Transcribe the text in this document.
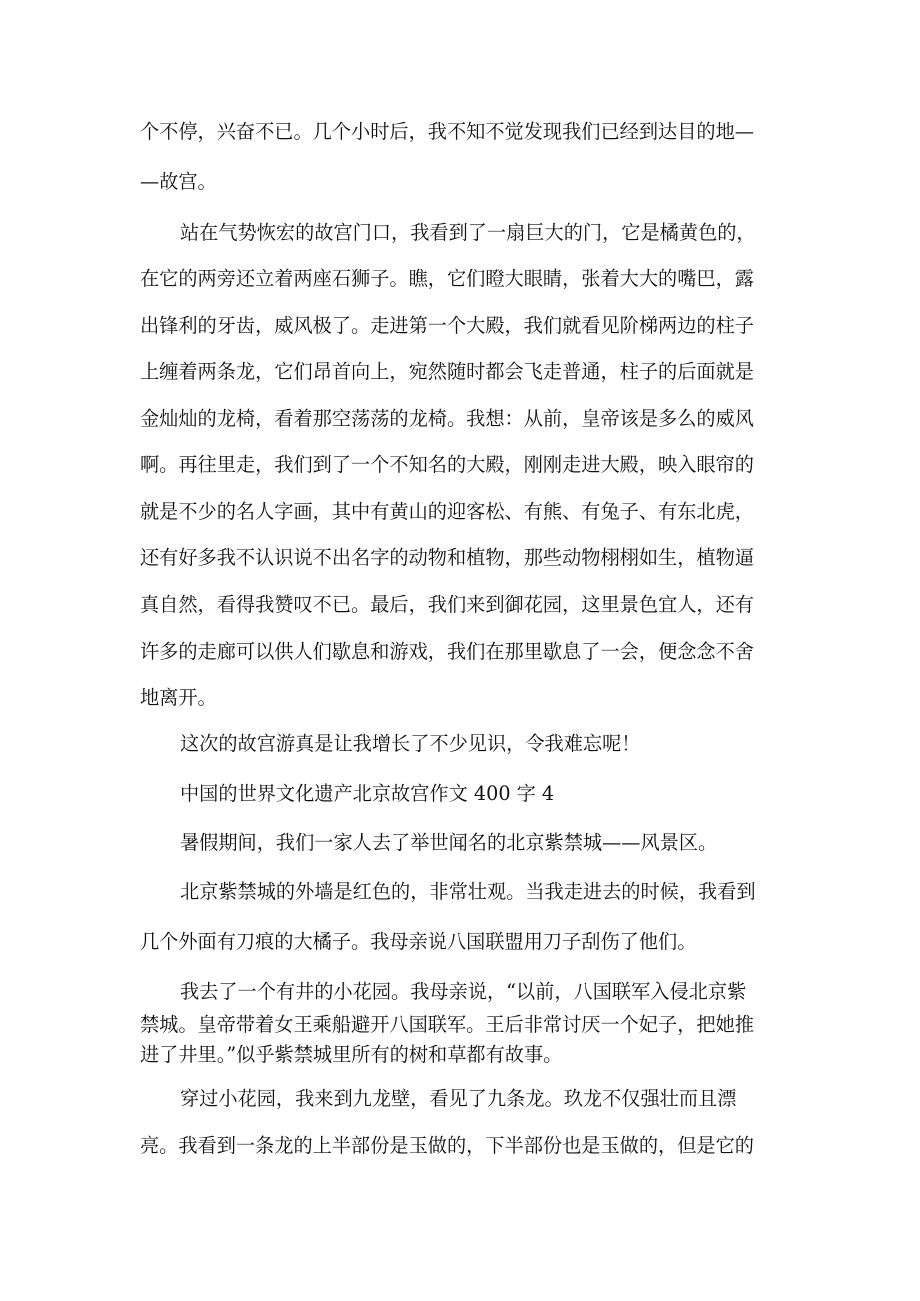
个不停，兴奋不已。几个小时后，我不知不觉发现我们已经到达目的地—
—故宫。
站在气势恢宏的故宫门口，我看到了一扇巨大的门，它是橘黄色的，
在它的两旁还立着两座石狮子。瞧，它们瞪大眼睛，张着大大的嘴巴，露
出锋利的牙齿，威风极了。走进第一个大殿，我们就看见阶梯两边的柱子
上缠着两条龙，它们昂首向上，宛然随时都会飞走普通，柱子的后面就是
金灿灿的龙椅，看着那空荡荡的龙椅。我想：从前，皇帝该是多么的威风
啊。再往里走，我们到了一个不知名的大殿，刚刚走进大殿，映入眼帘的
就是不少的名人字画，其中有黄山的迎客松、有熊、有兔子、有东北虎，
还有好多我不认识说不出名字的动物和植物，那些动物栩栩如生，植物逼
真自然，看得我赞叹不已。最后，我们来到御花园，这里景色宜人，还有
许多的走廊可以供人们歇息和游戏，我们在那里歇息了一会，便念念不舍
地离开。
这次的故宫游真是让我增长了不少见识，令我难忘呢！
中国的世界文化遗产北京故宫作文 400 字 4
暑假期间，我们一家人去了举世闻名的北京紫禁城——风景区。
北京紫禁城的外墙是红色的，非常壮观。当我走进去的时候，我看到
几个外面有刀痕的大橘子。我母亲说八国联盟用刀子刮伤了他们。
我去了一个有井的小花园。我母亲说，“以前，八国联军入侵北京紫
禁城。皇帝带着女王乘船避开八国联军。王后非常讨厌一个妃子，把她推
进了井里。”似乎紫禁城里所有的树和草都有故事。
穿过小花园，我来到九龙壁，看见了九条龙。玖龙不仅强壮而且漂
亮。我看到一条龙的上半部份是玉做的，下半部份也是玉做的，但是它的
